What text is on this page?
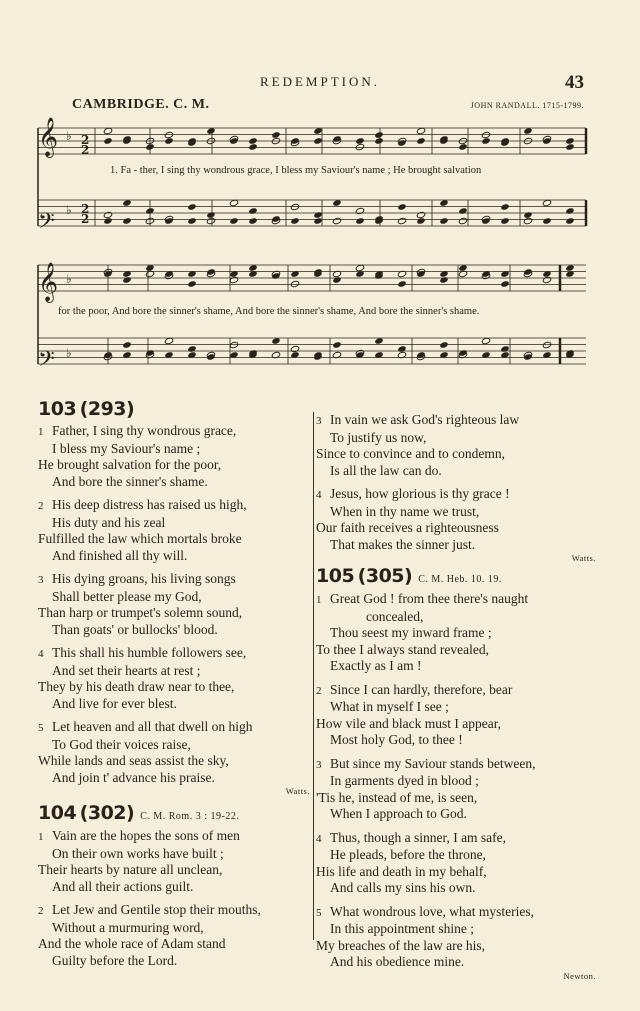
REDEMPTION.	43
CAMBRIDGE. C. M.	JOHN RANDALL. 1715-1799.
𝄞
𝄢
𝄞
𝄢
2
2
2
2
♭
♭
♭
♭
1. Fa - ther, I sing thy wondrous grace, I bless my Saviour's name ; He brought salvation
for the poor, And bore the sinner's shame, And bore the sinner's shame, And bore the sinner's shame.

103 (293)

1 Father, I sing thy wondrous grace,
I bless my Saviour's name ;
He brought salvation for the poor,
And bore the sinner's shame.
2 His deep distress has raised us high,
His duty and his zeal
Fulfilled the law which mortals broke
And finished all thy will.
3 His dying groans, his living songs
Shall better please my God,
Than harp or trumpet's solemn sound,
Than goats' or bullocks' blood.
4 This shall his humble followers see,
And set their hearts at rest ;
They by his death draw near to thee,
And live for ever blest.
5 Let heaven and all that dwell on high
To God their voices raise,
While lands and seas assist the sky,
And join t' advance his praise.
Watts.

104 (302) C. M. Rom. 3 : 19-22.

1 Vain are the hopes the sons of men
On their own works have built ;
Their hearts by nature all unclean,
And all their actions guilt.
2 Let Jew and Gentile stop their mouths,
Without a murmuring word,
And the whole race of Adam stand
Guilty before the Lord.
3 In vain we ask God's righteous law
To justify us now,
Since to convince and to condemn,
Is all the law can do.
4 Jesus, how glorious is thy grace !
When in thy name we trust,
Our faith receives a righteousness
That makes the sinner just.
Watts.

105 (305) C. M. Heb. 10. 19.

1 Great God ! from thee there's naught
concealed,
Thou seest my inward frame ;
To thee I always stand revealed,
Exactly as I am !
2 Since I can hardly, therefore, bear
What in myself I see ;
How vile and black must I appear,
Most holy God, to thee !
3 But since my Saviour stands between,
In garments dyed in blood ;
'Tis he, instead of me, is seen,
When I approach to God.
4 Thus, though a sinner, I am safe,
He pleads, before the throne,
His life and death in my behalf,
And calls my sins his own.
5 What wondrous love, what mysteries,
In this appointment shine ;
My breaches of the law are his,
And his obedience mine.
Newton.
